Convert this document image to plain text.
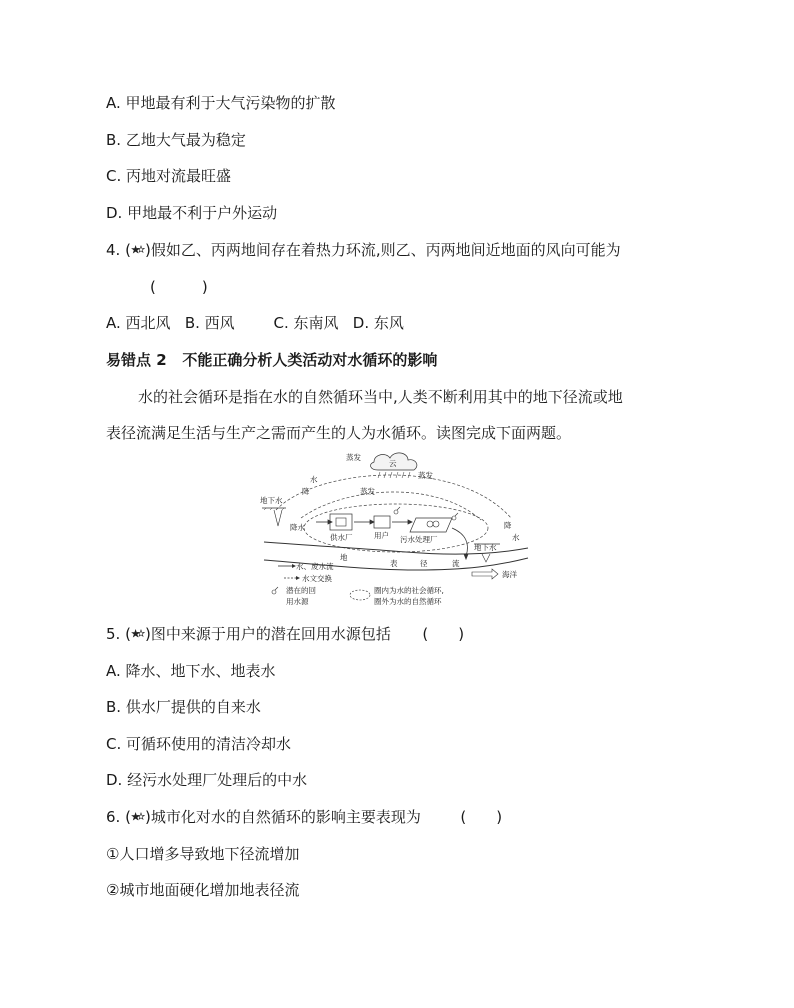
A. 甲地最有利于大气污染物的扩散
B. 乙地大气最为稳定
C. 丙地对流最旺盛
D. 甲地最不利于户外运动
4. ( )假如乙、丙两地间存在着热力环流,则乙、丙两地间近地面的风向可能为
(	)
A. 西北风 B. 西风	C. 东南风 D. 东风
易错点 2 不能正确分析人类活动对水循环的影响
水的社会循环是指在水的自然循环当中,人类不断利用其中的地下径流或地
表径流满足生活与生产之需而产生的人为水循环。读图完成下面两题。
云
蒸发
蒸发
蒸发
水
降
地下水
降水
供水厂	用户 污水处理厂
降
水
地下水
地
表	径	流
海洋
水、废水流
水文交换
潜在的回
用水源
圈内为水的社会循环,
圈外为水的自然循环
5. ( )图中来源于用户的潜在回用水源包括 ( )
A. 降水、地下水、地表水
B. 供水厂提供的自来水
C. 可循环使用的清洁冷却水
D. 经污水处理厂处理后的中水
6. ( )城市化对水的自然循环的影响主要表现为	( )
①人口增多导致地下径流增加
②城市地面硬化增加地表径流
